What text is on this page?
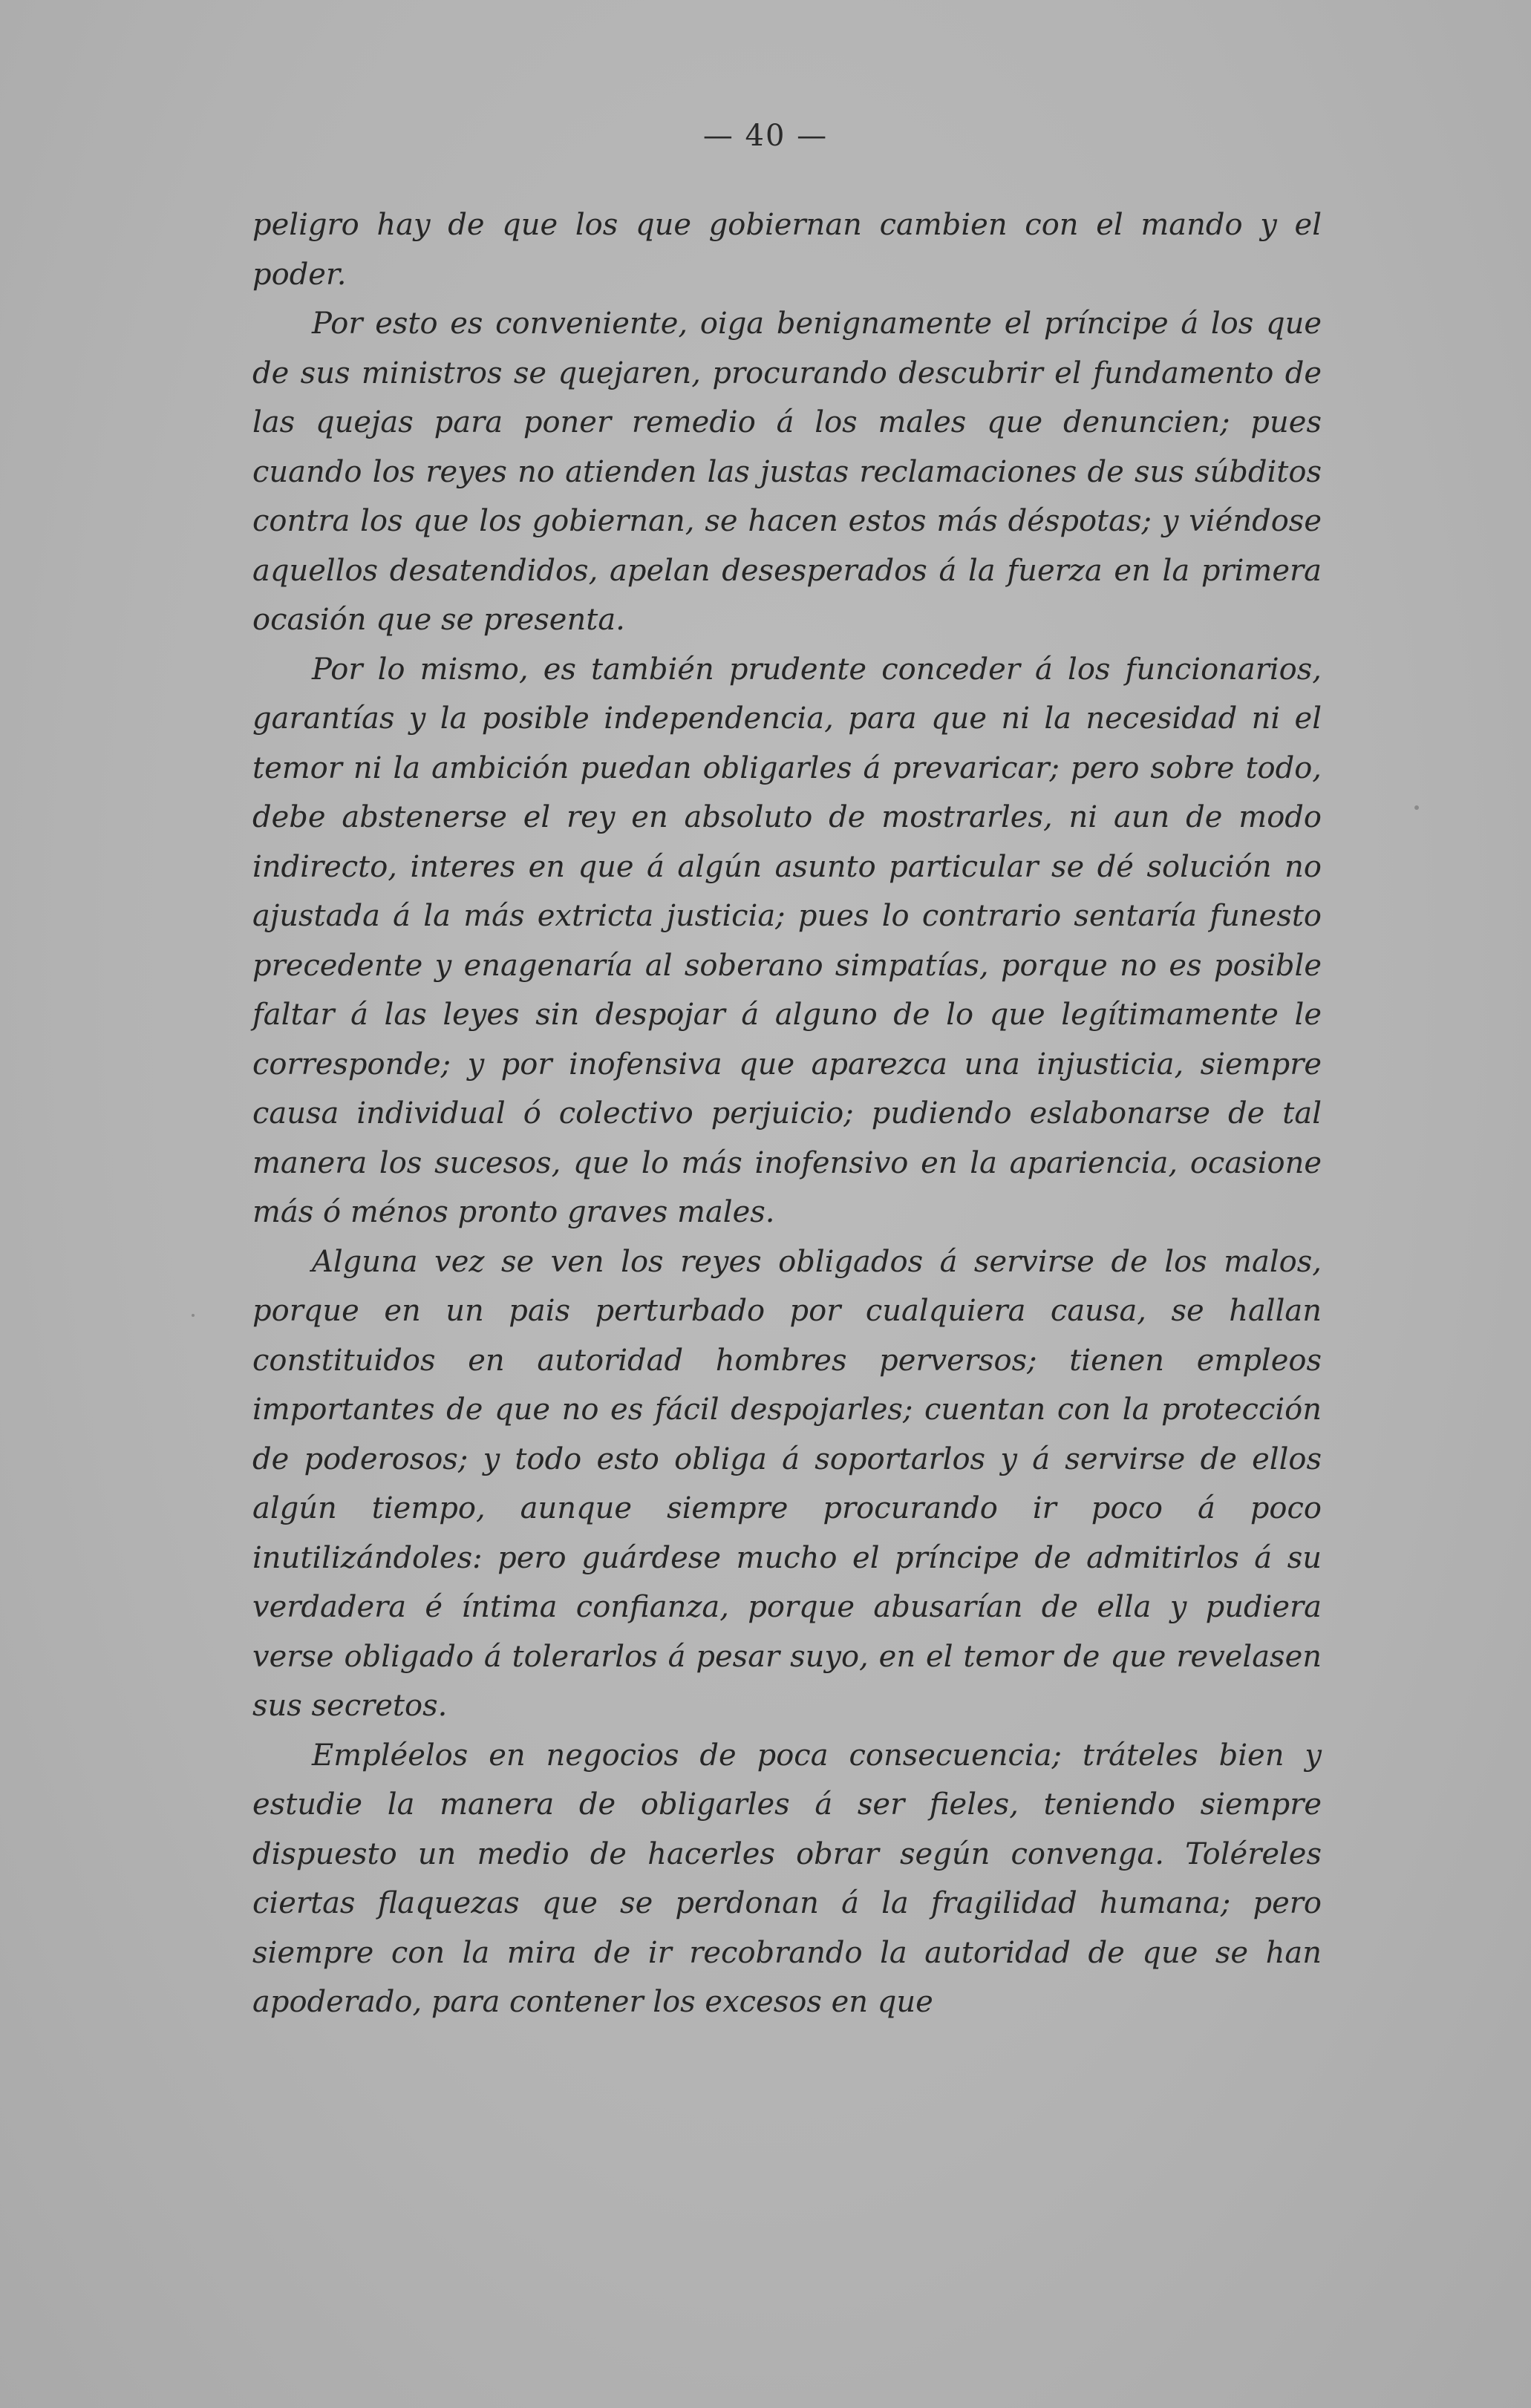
— 40 —

peligro hay de que los que gobiernan cambien con el mando y el poder.

Por esto es conveniente, oiga benignamente el príncipe á los que de sus ministros se quejaren, procurando descubrir el fundamento de las quejas para poner remedio á los males que denuncien; pues cuando los reyes no atienden las justas reclamaciones de sus súbditos contra los que los gobiernan, se hacen estos más déspotas; y viéndose aquellos desatendidos, apelan desesperados á la fuerza en la primera ocasión que se presenta.

Por lo mismo, es también prudente conceder á los funcionarios, garantías y la posible independencia, para que ni la necesidad ni el temor ni la ambición puedan obligarles á prevaricar; pero sobre todo, debe abstenerse el rey en absoluto de mostrarles, ni aun de modo indirecto, interes en que á algún asunto particular se dé solución no ajustada á la más extricta justicia; pues lo contrario sentaría funesto precedente y enagenaría al soberano simpatías, porque no es posible faltar á las leyes sin despojar á alguno de lo que legítimamente le corresponde; y por inofensiva que aparezca una injusticia, siempre causa individual ó colectivo perjuicio; pudiendo eslabonarse de tal manera los sucesos, que lo más inofensivo en la apariencia, ocasione más ó ménos pronto graves males.

Alguna vez se ven los reyes obligados á servirse de los malos, porque en un pais perturbado por cualquiera causa, se hallan constituidos en autoridad hombres perversos; tienen empleos importantes de que no es fácil despojarles; cuentan con la protección de poderosos; y todo esto obliga á soportarlos y á servirse de ellos algún tiempo, aunque siempre procurando ir poco á poco inutilizándoles: pero guárdese mucho el príncipe de admitirlos á su verdadera é íntima confianza, porque abusarían de ella y pudiera verse obligado á tolerarlos á pesar suyo, en el temor de que revelasen sus secretos.

Empléelos en negocios de poca consecuencia; tráteles bien y estudie la manera de obligarles á ser fieles, teniendo siempre dispuesto un medio de hacerles obrar según convenga. Toléreles ciertas flaquezas que se perdonan á la fragilidad humana; pero siempre con la mira de ir recobrando la autoridad de que se han apoderado, para contener los excesos en que
